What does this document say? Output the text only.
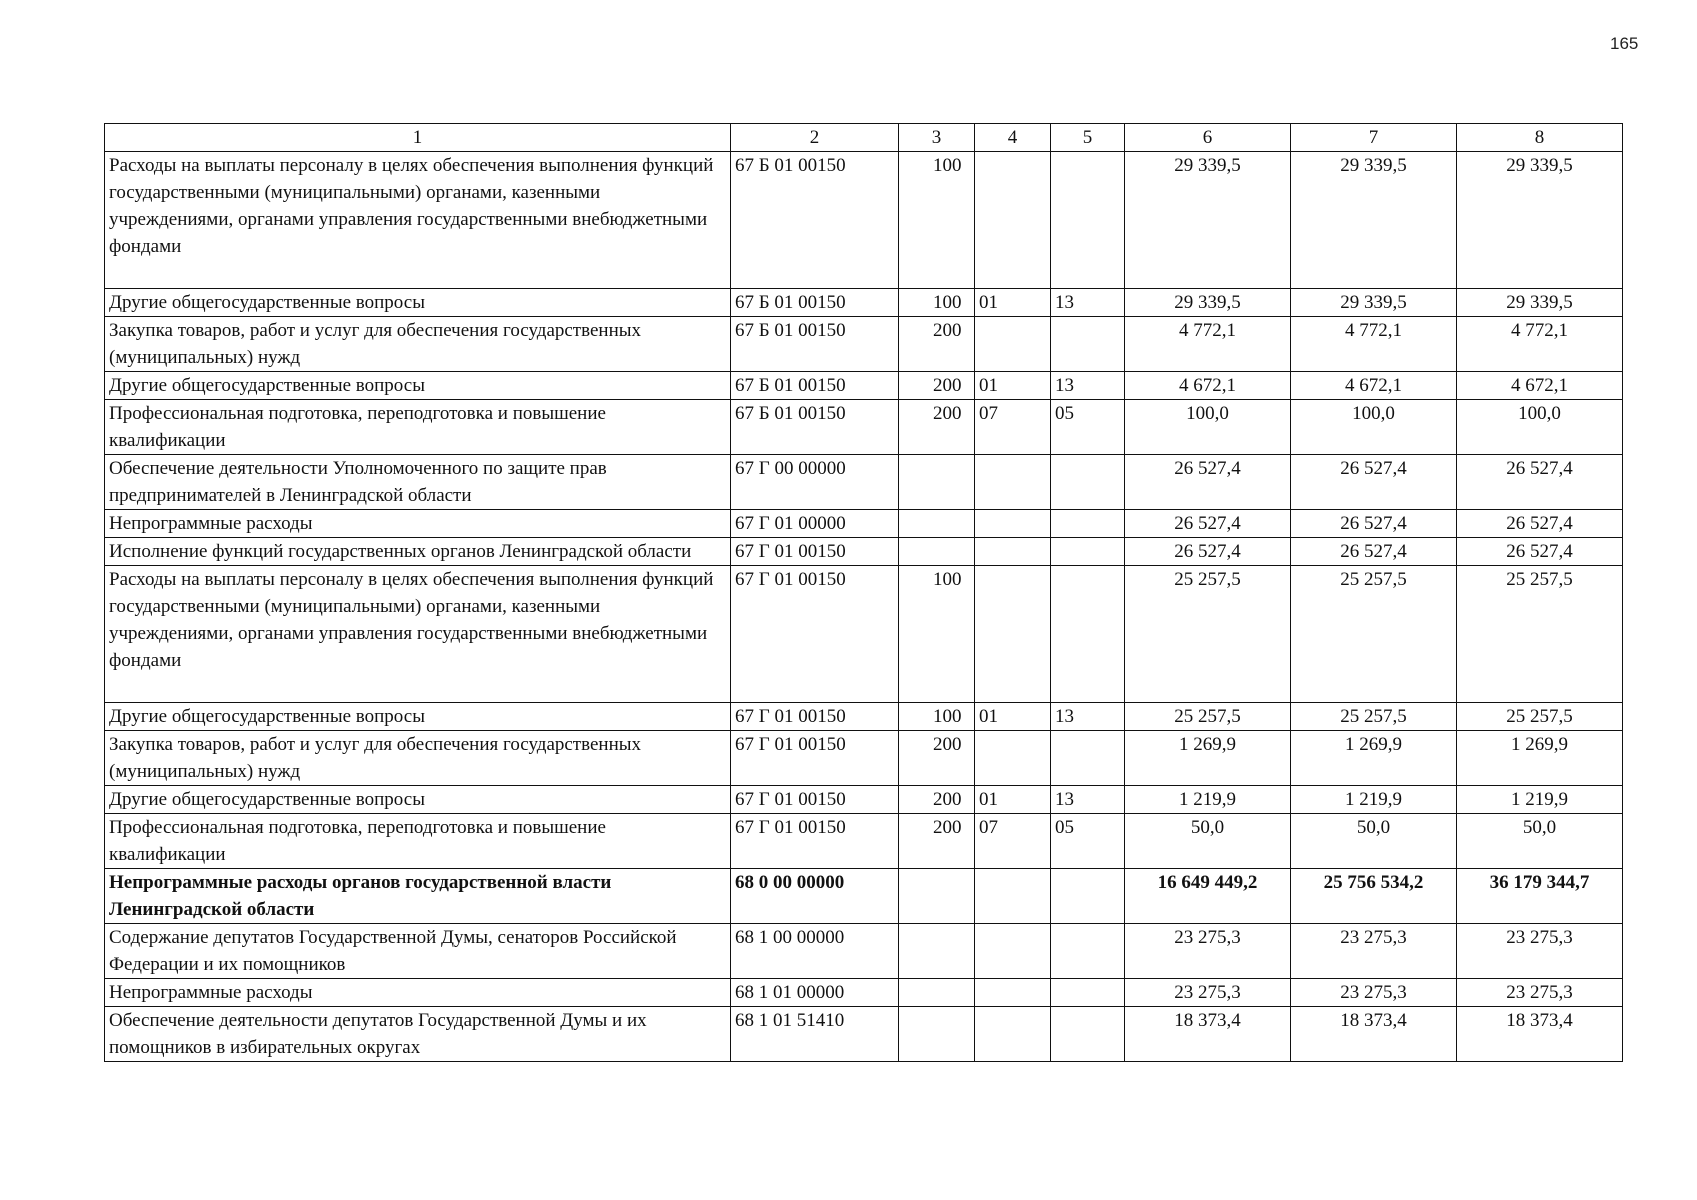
165
1	2	3	4	5	6	7	8
Расходы на выплаты персоналу в целях обеспечения выполнения функций государственными (муниципальными) органами, казенными учреждениями, органами управления государственными внебюджетными фондами	67 Б 01 00150	100			29 339,5	29 339,5	29 339,5
Другие общегосударственные вопросы	67 Б 01 00150	100	01	13	29 339,5	29 339,5	29 339,5
Закупка товаров, работ и услуг для обеспечения государственных (муниципальных) нужд	67 Б 01 00150	200			4 772,1	4 772,1	4 772,1
Другие общегосударственные вопросы	67 Б 01 00150	200	01	13	4 672,1	4 672,1	4 672,1
Профессиональная подготовка, переподготовка и повышение квалификации	67 Б 01 00150	200	07	05	100,0	100,0	100,0
Обеспечение деятельности Уполномоченного по защите прав предпринимателей в Ленинградской области	67 Г 00 00000				26 527,4	26 527,4	26 527,4
Непрограммные расходы	67 Г 01 00000				26 527,4	26 527,4	26 527,4
Исполнение функций государственных органов Ленинградской области	67 Г 01 00150				26 527,4	26 527,4	26 527,4
Расходы на выплаты персоналу в целях обеспечения выполнения функций государственными (муниципальными) органами, казенными учреждениями, органами управления государственными внебюджетными фондами	67 Г 01 00150	100			25 257,5	25 257,5	25 257,5
Другие общегосударственные вопросы	67 Г 01 00150	100	01	13	25 257,5	25 257,5	25 257,5
Закупка товаров, работ и услуг для обеспечения государственных (муниципальных) нужд	67 Г 01 00150	200			1 269,9	1 269,9	1 269,9
Другие общегосударственные вопросы	67 Г 01 00150	200	01	13	1 219,9	1 219,9	1 219,9
Профессиональная подготовка, переподготовка и повышение квалификации	67 Г 01 00150	200	07	05	50,0	50,0	50,0
Непрограммные расходы органов государственной власти Ленинградской области	68 0 00 00000				16 649 449,2	25 756 534,2	36 179 344,7
Содержание депутатов Государственной Думы, сенаторов Российской Федерации и их помощников	68 1 00 00000				23 275,3	23 275,3	23 275,3
Непрограммные расходы	68 1 01 00000				23 275,3	23 275,3	23 275,3
Обеспечение деятельности депутатов Государственной Думы и их помощников в избирательных округах	68 1 01 51410				18 373,4	18 373,4	18 373,4
